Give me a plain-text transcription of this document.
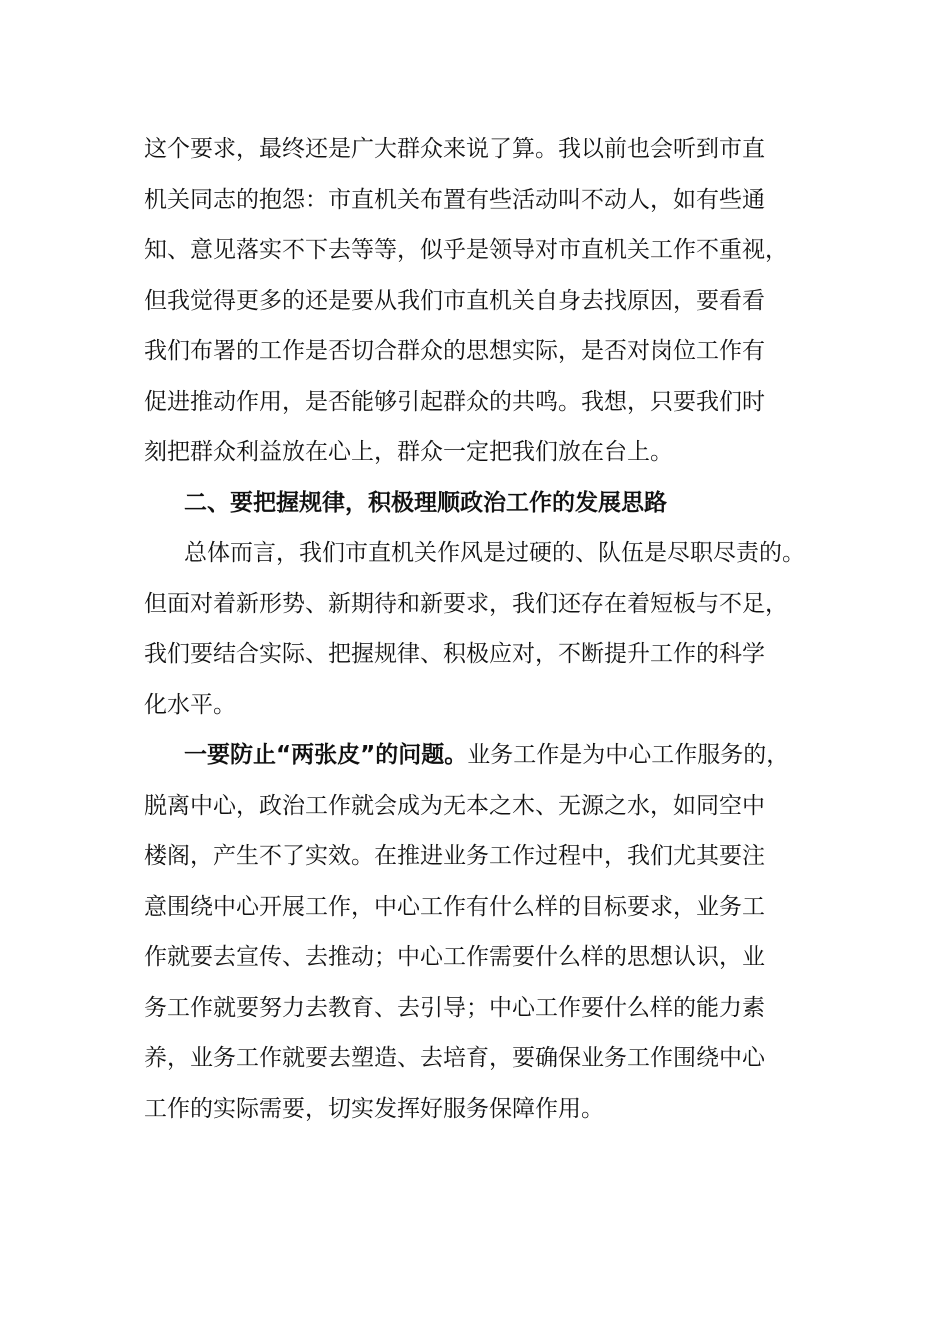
这个要求，最终还是广大群众来说了算。我以前也会听到市直
机关同志的抱怨：市直机关布置有些活动叫不动人，如有些通
知、意见落实不下去等等，似乎是领导对市直机关工作不重视，
但我觉得更多的还是要从我们市直机关自身去找原因，要看看
我们布署的工作是否切合群众的思想实际，是否对岗位工作有
促进推动作用，是否能够引起群众的共鸣。我想，只要我们时
刻把群众利益放在心上，群众一定把我们放在台上。
二、要把握规律，积极理顺政治工作的发展思路
总体而言，我们市直机关作风是过硬的、队伍是尽职尽责的。
但面对着新形势、新期待和新要求，我们还存在着短板与不足，
我们要结合实际、把握规律、积极应对，不断提升工作的科学
化水平。
一要防止“两张皮”的问题。业务工作是为中心工作服务的，
脱离中心，政治工作就会成为无本之木、无源之水，如同空中
楼阁，产生不了实效。在推进业务工作过程中，我们尤其要注
意围绕中心开展工作，中心工作有什么样的目标要求，业务工
作就要去宣传、去推动；中心工作需要什么样的思想认识，业
务工作就要努力去教育、去引导；中心工作要什么样的能力素
养，业务工作就要去塑造、去培育，要确保业务工作围绕中心
工作的实际需要，切实发挥好服务保障作用。
